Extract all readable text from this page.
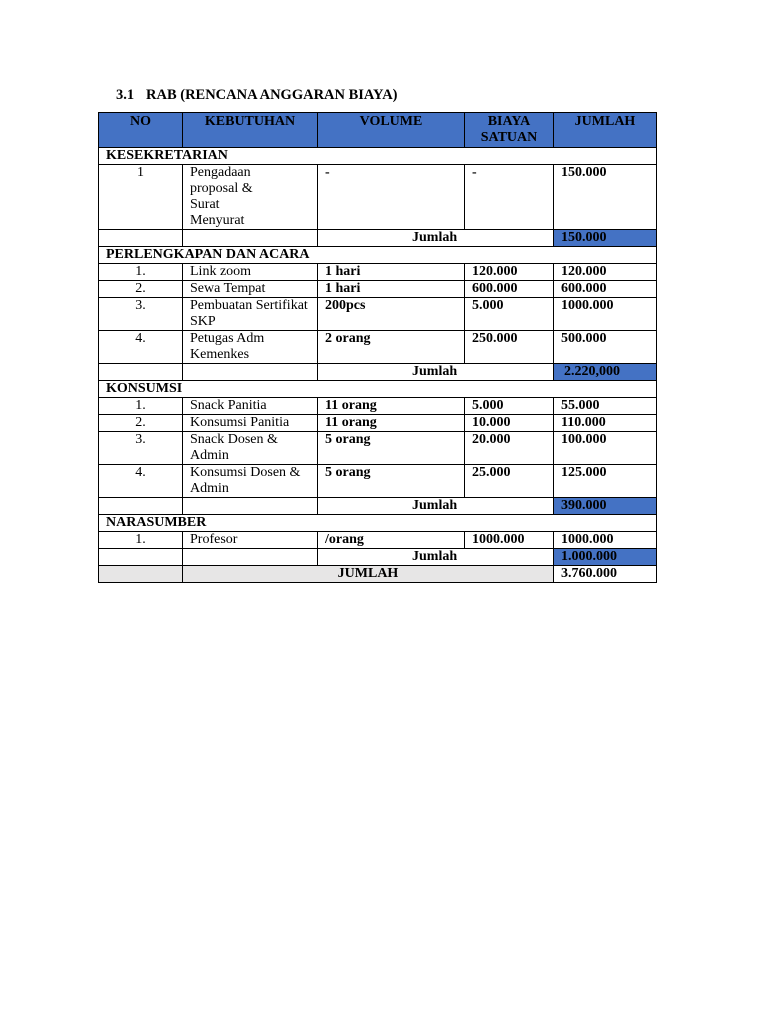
3.1 RAB (RENCANA ANGGARAN BIAYA)
NO	KEBUTUHAN	VOLUME	BIAYA SATUAN	JUMLAH
KESEKRETARIAN				
1	Pengadaan proposal & Surat Menyurat	-	-	150.000
		Jumlah		150.000
PERLENGKAPAN DAN ACARA				
1.	Link zoom	1 hari	120.000	120.000
2.	Sewa Tempat	1 hari	600.000	600.000
3.	Pembuatan Sertifikat SKP	200pcs	5.000	1000.000
4.	Petugas Adm Kemenkes	2 orang	250.000	500.000
		Jumlah		2.220,000
KONSUMSI				
1.	Snack Panitia	11 orang	5.000	55.000
2.	Konsumsi Panitia	11 orang	10.000	110.000
3.	Snack Dosen & Admin	5 orang	20.000	100.000
4.	Konsumsi Dosen & Admin	5 orang	25.000	125.000
		Jumlah		390.000
NARASUMBER				
1.	Profesor	/orang	1000.000	1000.000
		Jumlah		1.000.000
	JUMLAH			3.760.000
